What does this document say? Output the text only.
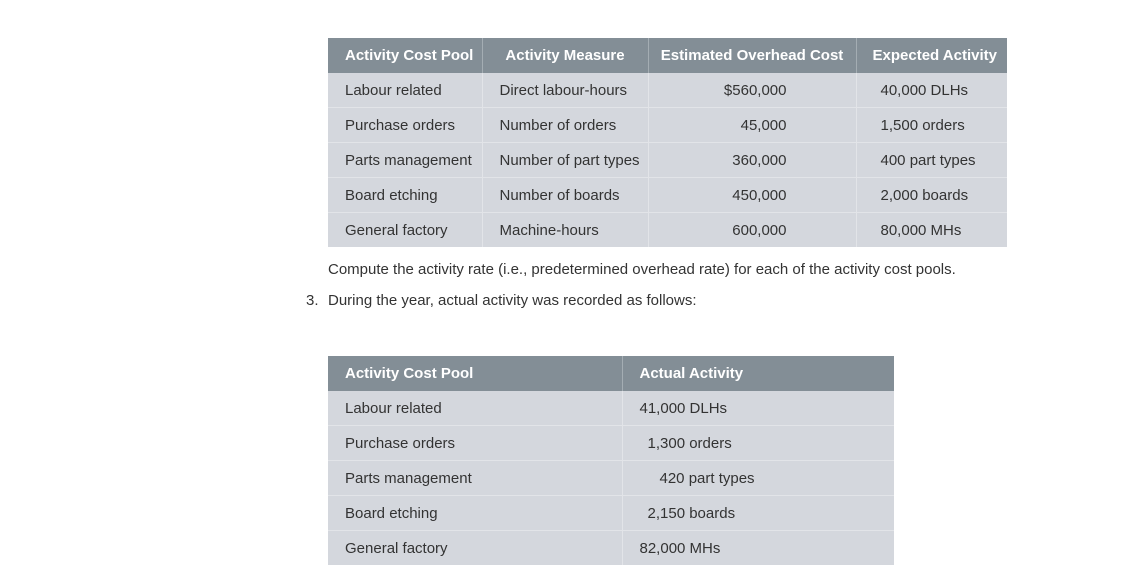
Activity Cost Pool	Activity Measure	Estimated Overhead Cost	Expected Activity
Labour related	Direct labour-hours	$560,000	40,000 DLHs
Purchase orders	Number of orders	45,000	1,500 orders
Parts management	Number of part types	360,000	400 part types
Board etching	Number of boards	450,000	2,000 boards
General factory	Machine-hours	600,000	80,000 MHs

Compute the activity rate (i.e., predetermined overhead rate) for each of the activity cost pools.

3. During the year, actual activity was recorded as follows:

Activity Cost Pool	Actual Activity
Labour related	41,000 DLHs
Purchase orders	1,300 orders
Parts management	420 part types
Board etching	2,150 boards
General factory	82,000 MHs
